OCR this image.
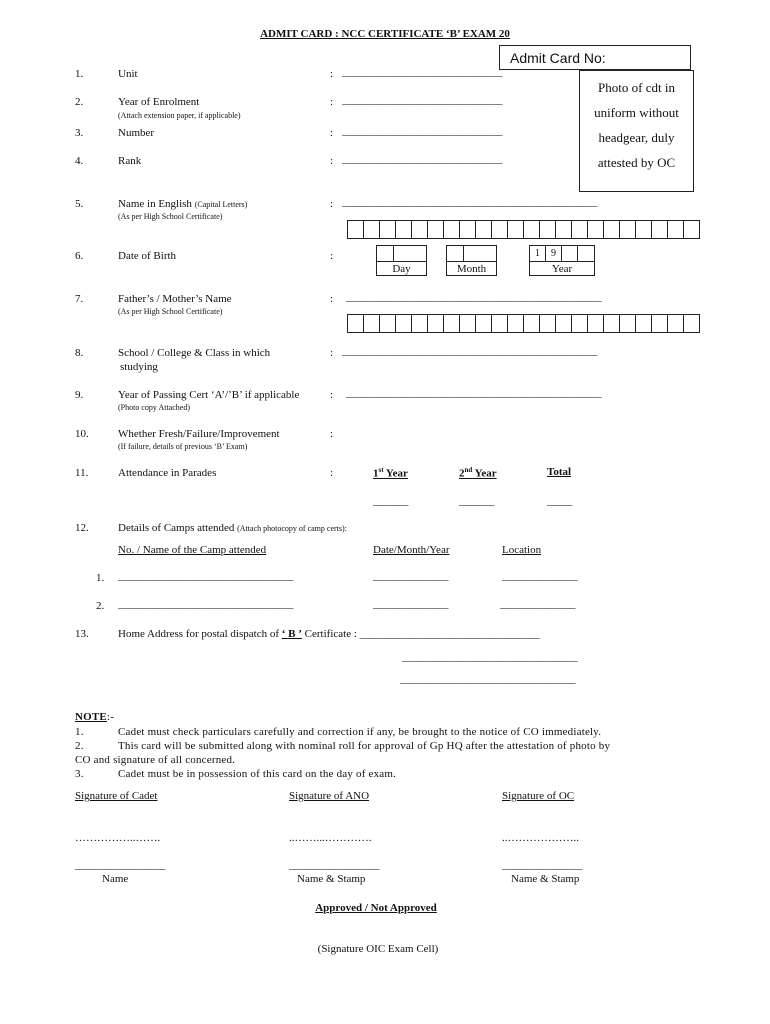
ADMIT CARD : NCC CERTIFICATE ‘B’ EXAM 20
Admit Card No:
Photo of cdt in
uniform without
headgear, duly
attested by OC
1.	Unit	: ________________________________
2.	Year of Enrolment
(Attach extension paper, if applicable)
: ________________________________
3.	Number	: ________________________________
4.	Rank	: ________________________________
5.	Name in English (Capital Letters)
(As per High School Certificate)
: ___________________________________________________
6.	Date of Birth	:
Day	Month
1	9
Year
7.	Father’s / Mother’s Name
(As per High School Certificate)
: ___________________________________________________
8.	School / College & Class in which
studying
: ___________________________________________________
9.	Year of Passing Cert ‘A’/’B’ if applicable
(Photo copy Attached)
: ___________________________________________________
10.	Whether Fresh/Failure/Improvement
(If failure, details of previous ‘B’ Exam)
:
11.	Attendance in Parades	:	1st Year	2nd Year	Total
_______	_______	_____
12.	Details of Camps attended (Attach photocopy of camp certs):
No. / Name of the Camp attended	Date/Month/Year	Location
1. ___________________________________	_______________	_______________
2. ___________________________________	_______________	_______________
13.	Home Address for postal dispatch of ‘ B ’ Certificate : ____________________________________
___________________________________
___________________________________
NOTE:-
1.	Cadet must check particulars carefully and correction if any, be brought to the notice of CO immediately.
2.	This card will be submitted along with nominal roll for approval of Gp HQ after the attestation of photo by
CO and signature of all concerned.
3.	Cadet must be in possession of this card on the day of exam.
Signature of Cadet	Signature of ANO	Signature of OC
……………..…….	..……...………….	..………………..
__________________	__________________	________________
Name	Name & Stamp	Name & Stamp
Approved / Not Approved
(Signature OIC Exam Cell)
